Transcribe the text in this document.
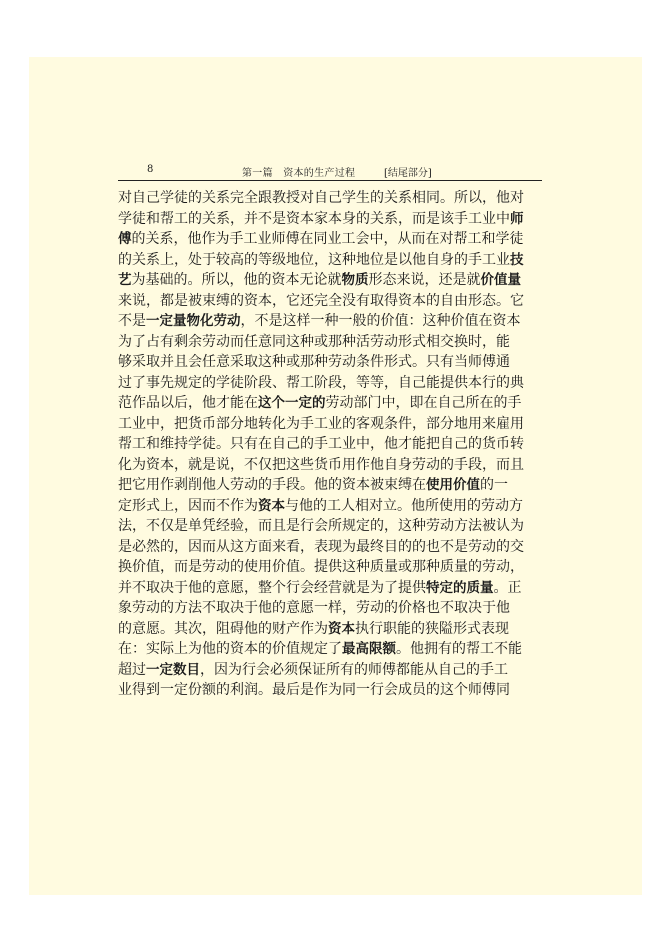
8	第一篇　资本的生产过程	[结尾部分]
对自己学徒的关系完全跟教授对自己学生的关系相同。所以，他对
学徒和帮工的关系，并不是资本家本身的关系，而是该手工业中师
傅的关系，他作为手工业师傅在同业工会中，从而在对帮工和学徒
的关系上，处于较高的等级地位，这种地位是以他自身的手工业技
艺为基础的。所以，他的资本无论就物质形态来说，还是就价值量
来说，都是被束缚的资本，它还完全没有取得资本的自由形态。它
不是一定量物化劳动，不是这样一种一般的价值：这种价值在资本
为了占有剩余劳动而任意同这种或那种活劳动形式相交换时，能
够采取并且会任意采取这种或那种劳动条件形式。只有当师傅通
过了事先规定的学徒阶段、帮工阶段，等等，自己能提供本行的典
范作品以后，他才能在这个一定的劳动部门中，即在自己所在的手
工业中，把货币部分地转化为手工业的客观条件，部分地用来雇用
帮工和维持学徒。只有在自己的手工业中，他才能把自己的货币转
化为资本，就是说，不仅把这些货币用作他自身劳动的手段，而且
把它用作剥削他人劳动的手段。他的资本被束缚在使用价值的一
定形式上，因而不作为资本与他的工人相对立。他所使用的劳动方
法，不仅是单凭经验，而且是行会所规定的，这种劳动方法被认为
是必然的，因而从这方面来看，表现为最终目的的也不是劳动的交
换价值，而是劳动的使用价值。提供这种质量或那种质量的劳动，
并不取决于他的意愿，整个行会经营就是为了提供特定的质量。正
象劳动的方法不取决于他的意愿一样，劳动的价格也不取决于他
的意愿。其次，阻碍他的财产作为资本执行职能的狭隘形式表现
在：实际上为他的资本的价值规定了最高限额。他拥有的帮工不能
超过一定数目，因为行会必须保证所有的师傅都能从自己的手工
业得到一定份额的利润。最后是作为同一行会成员的这个师傅同
